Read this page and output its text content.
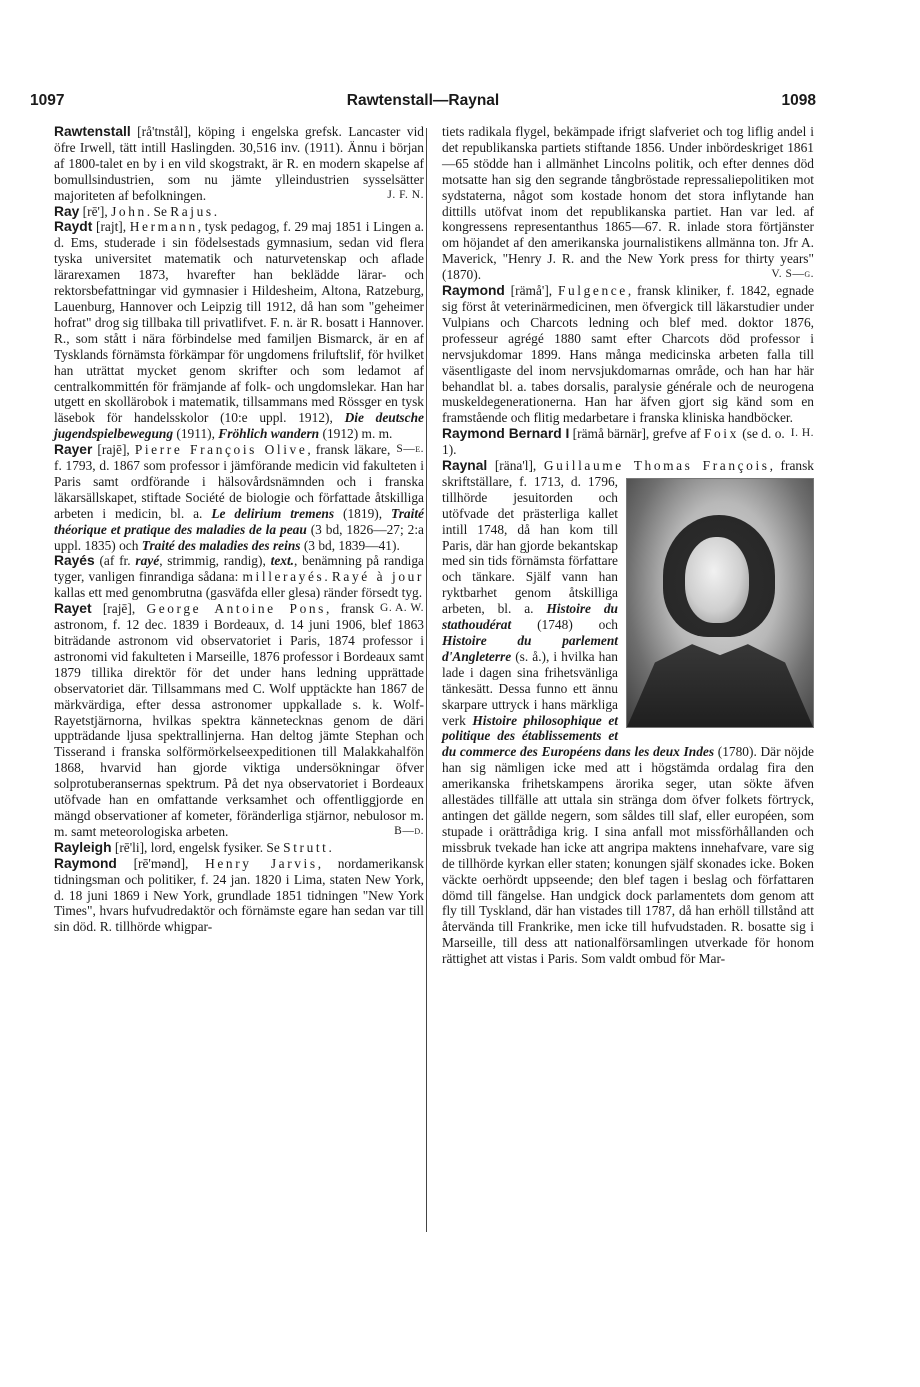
1097	Rawtenstall—Raynal	1098

Rawtenstall [rå'tnstål], köping i engelska grefsk. Lancaster vid öfre Irwell, tätt intill Haslingden. 30,516 inv. (1911). Ännu i början af 1800-talet en by i en vild skogstrakt, är R. en modern skapelse af bomullsindustrien, som nu jämte ylleindustrien sysselsätter majoriteten af befolkningen.	J. F. N.

Ray [rē'], John. Se Rajus.

Raydt [rajt], Hermann, tysk pedagog, f. 29 maj 1851 i Lingen a. d. Ems, studerade i sin födelsestads gymnasium, sedan vid flera tyska universitet matematik och naturvetenskap och aflade lärarexamen 1873, hvarefter han beklädde lärar- och rektorsbefattningar vid gymnasier i Hildesheim, Altona, Ratzeburg, Lauenburg, Hannover och Leipzig till 1912, då han som "geheimer hofrat" drog sig tillbaka till privatlifvet. F. n. är R. bosatt i Hannover. R., som stått i nära förbindelse med familjen Bismarck, är en af Tysklands förnämsta förkämpar för ungdomens friluftslif, för hvilket han uträttat mycket genom skrifter och som ledamot af centralkommittén för främjande af folk- och ungdomslekar. Han har utgett en skollärobok i matematik, tillsammans med Rössger en tysk läsebok för handelsskolor (10:e uppl. 1912), Die deutsche jugendspielbewegung (1911), Fröhlich wandern (1912) m. m.
S—e.

Rayer [rajē], Pierre François Olive, fransk läkare, f. 1793, d. 1867 som professor i jämförande medicin vid fakulteten i Paris samt ordförande i hälsovårdsnämnden och i franska läkarsällskapet, stiftade Société de biologie och författade åtskilliga arbeten i medicin, bl. a. Le delirium tremens (1819), Traité théorique et pratique des maladies de la peau (3 bd, 1826—27; 2:a uppl. 1835) och Traité des maladies des reins (3 bd, 1839—41).

Rayés (af fr. rayé, strimmig, randig), text., benämning på randiga tyger, vanligen finrandiga sådana: millerayés. Rayé à jour kallas ett med genombrutna (gasväfda eller glesa) ränder försedt tyg.
G. A. W.

Rayet [rajē], George Antoine Pons, fransk astronom, f. 12 dec. 1839 i Bordeaux, d. 14 juni 1906, blef 1863 biträdande astronom vid observatoriet i Paris, 1874 professor i astronomi vid fakulteten i Marseille, 1876 professor i Bordeaux samt 1879 tillika direktör för det under hans ledning upprättade observatoriet där. Tillsammans med C. Wolf upptäckte han 1867 de märkvärdiga, efter dessa astronomer uppkallade s. k. Wolf-Rayetstjärnorna, hvilkas spektra kännetecknas genom de däri uppträdande ljusa spektrallinjerna. Han deltog jämte Stephan och Tisserand i franska solförmörkelseexpeditionen till Malakkahalfön 1868, hvarvid han gjorde viktiga undersökningar öfver solprotuberansernas spektrum. På det nya observatoriet i Bordeaux utöfvade han en omfattande verksamhet och offentliggjorde en mängd observationer af kometer, föränderliga stjärnor, nebulosor m. m. samt meteorologiska arbeten.	B—d.

Rayleigh [rē'li], lord, engelsk fysiker. Se Strutt.

Raymond [rē'mənd], Henry Jarvis, nordamerikansk tidningsman och politiker, f. 24 jan. 1820 i Lima, staten New York, d. 18 juni 1869 i New York, grundlade 1851 tidningen "New York Times", hvars hufvudredaktör och förnämste egare han sedan var till sin död. R. tillhörde whigpar-

tiets radikala flygel, bekämpade ifrigt slafveriet och tog liflig andel i det republikanska partiets stiftande 1856. Under inbördeskriget 1861—65 stödde han i allmänhet Lincolns politik, och efter dennes död motsatte han sig den segrande tångbröstade repressaliepolitiken mot sydstaterna, något som kostade honom det stora inflytande han dittills utöfvat inom det republikanska partiet. Han var led. af kongressens representanthus 1865—67. R. inlade stora förtjänster om höjandet af den amerikanska journalistikens allmänna ton. Jfr A. Maverick, "Henry J. R. and the New York press for thirty years" (1870).	V. S—g.

Raymond [rämå'], Fulgence, fransk kliniker, f. 1842, egnade sig först åt veterinärmedicinen, men öfvergick till läkarstudier under Vulpians och Charcots ledning och blef med. doktor 1876, professeur agrégé 1880 samt efter Charcots död professor i nervsjukdomar 1899. Hans många medicinska arbeten falla till väsentligaste del inom nervsjukdomarnas område, och han har här behandlat bl. a. tabes dorsalis, paralysie générale och de neurogena muskeldegenerationerna. Han har äfven gjort sig känd som en framstående och flitig medarbetare i franska kliniska handböcker.
I. H.

Raymond Bernard I [rämå bärnär], grefve af Foix (se d. o. 1).

Raynal [räna'l], Guillaume Thomas François
, fransk skriftställare, f. 1713, d. 1796, tillhörde jesuitorden och utöfvade det prästerliga kallet intill 1748, då han kom till Paris, där han gjorde bekantskap med sin tids förnämsta författare och tänkare. Själf vann han ryktbarhet genom åtskilliga arbeten, bl. a. Histoire du stathoudérat (1748) och Histoire du parlement d'Angleterre (s. å.), i hvilka han lade i dagen sina frihetsvänliga tänkesätt. Dessa funno ett ännu skarpare uttryck i hans märkliga verk Histoire philosophique et politique des établissements et du commerce des Européens dans les deux Indes (1780). Där nöjde han sig nämligen icke med att i högstämda ordalag fira den amerikanska frihetskampens ärorika seger, utan sökte äfven allestädes tillfälle att uttala sin stränga dom öfver folkets förtryck, antingen det gällde negern, som såldes till slaf, eller européen, som stupade i orättrådiga krig. I sina anfall mot missförhållanden och missbruk tvekade han icke att angripa maktens innehafvare, vare sig de tillhörde kyrkan eller staten; konungen själf skonades icke. Boken väckte oerhördt uppseende; den blef tagen i beslag och författaren dömd till fängelse. Han undgick dock parlamentets dom genom att fly till Tyskland, där han vistades till 1787, då han erhöll tillstånd att återvända till Frankrike, men icke till hufvudstaden. R. bosatte sig i Marseille, till dess att nationalförsamlingen utverkade för honom rättighet att vistas i Paris. Som valdt ombud för Mar-
